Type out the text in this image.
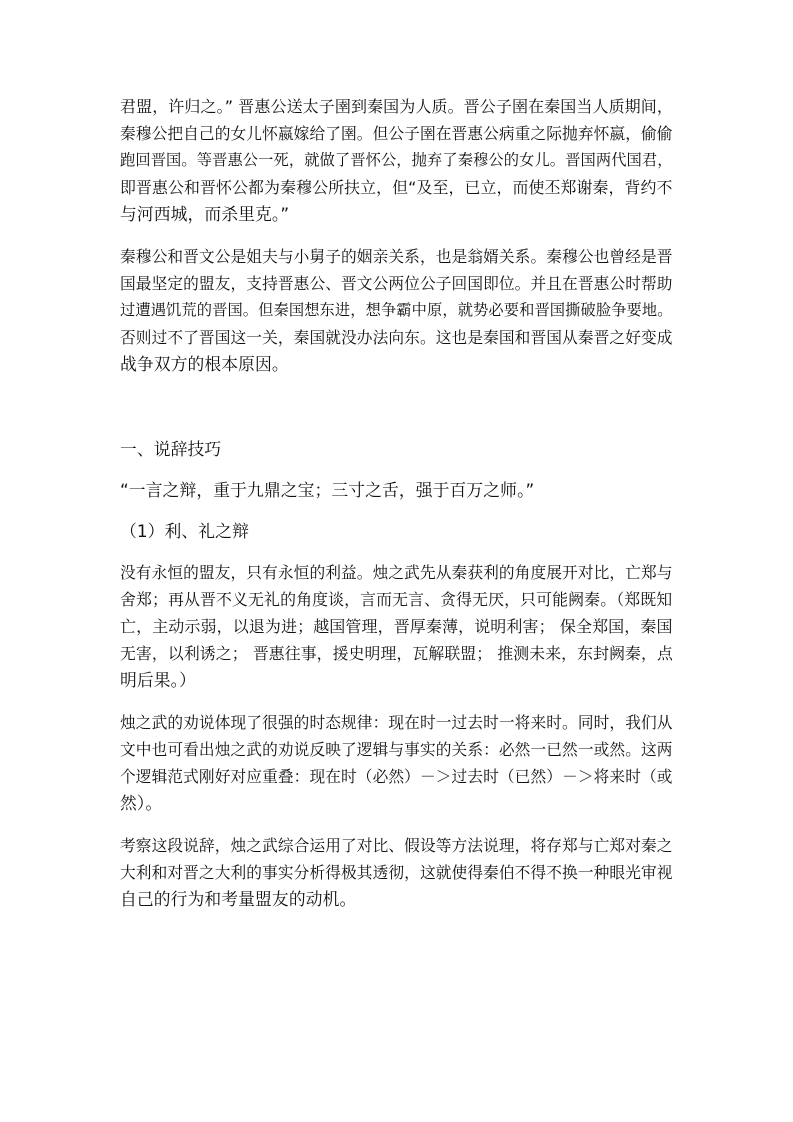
君盟，许归之。” 晋惠公送太子圉到秦国为人质。晋公子圉在秦国当人质期间，
秦穆公把自己的女儿怀嬴嫁给了圉。但公子圉在晋惠公病重之际抛弃怀嬴，偷偷
跑回晋国。等晋惠公一死，就做了晋怀公，抛弃了秦穆公的女儿。晋国两代国君，
即晋惠公和晋怀公都为秦穆公所扶立，但“及至，已立，而使丕郑谢秦，背约不
与河西城，而杀里克。”

秦穆公和晋文公是姐夫与小舅子的姻亲关系，也是翁婿关系。秦穆公也曾经是晋
国最坚定的盟友，支持晋惠公、晋文公两位公子回国即位。并且在晋惠公时帮助
过遭遇饥荒的晋国。但秦国想东进，想争霸中原，就势必要和晋国撕破脸争要地。
否则过不了晋国这一关，秦国就没办法向东。这也是秦国和晋国从秦晋之好变成
战争双方的根本原因。

一、说辞技巧

“一言之辩，重于九鼎之宝；三寸之舌，强于百万之师。”

（1）利、礼之辩

没有永恒的盟友，只有永恒的利益。烛之武先从秦获利的角度展开对比，亡郑与
舍郑；再从晋不义无礼的角度谈，言而无言、贪得无厌，只可能阙秦。（郑既知
亡，主动示弱，以退为进；越国管理，晋厚秦薄，说明利害； 保全郑国，秦国
无害，以利诱之； 晋惠往事，援史明理，瓦解联盟； 推测未来，东封阙秦，点
明后果。）

烛之武的劝说体现了很强的时态规律：现在时一过去时一将来时。同时，我们从
文中也可看出烛之武的劝说反映了逻辑与事实的关系：必然一已然一或然。这两
个逻辑范式刚好对应重叠：现在时（必然）－＞过去时（已然）－＞将来时（或
然）。

考察这段说辞，烛之武综合运用了对比、假设等方法说理，将存郑与亡郑对秦之
大利和对晋之大利的事实分析得极其透彻，这就使得秦伯不得不换一种眼光审视
自己的行为和考量盟友的动机。
